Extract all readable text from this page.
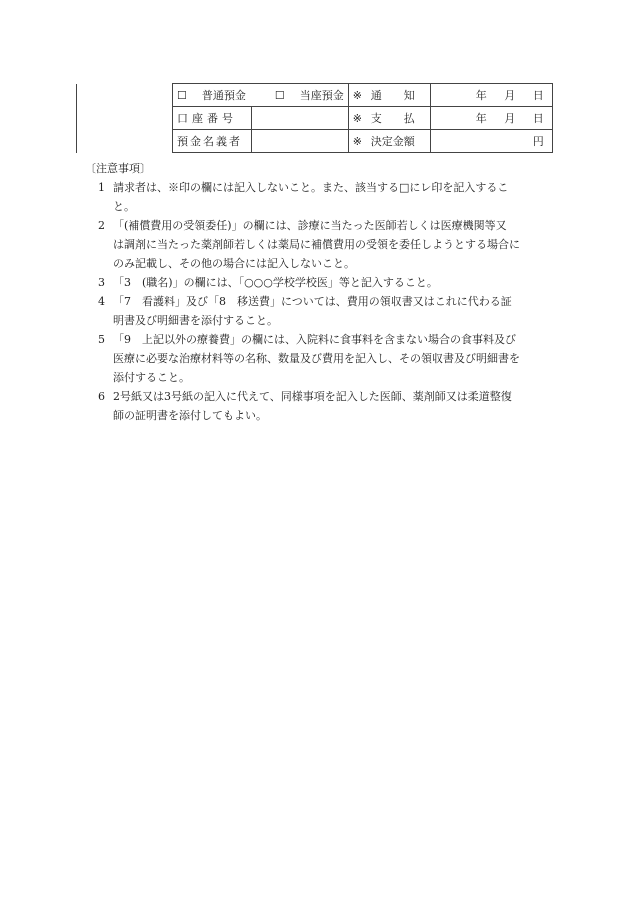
	☐ 普通預金 ☐ 当座預金		※ 通　　知	年 月 日
	口座番号		※ 支　　払	年 月 日
	預金名義者		※ 決定金額	円
〔注意事項〕
1 請求者は、※印の欄には記入しないこと。また、該当する□にレ印を記入するこ
と。
2 「(補償費用の受領委任)」の欄には、診療に当たった医師若しくは医療機関等又
は調剤に当たった薬剤師若しくは薬局に補償費用の受領を委任しようとする場合に
のみ記載し、その他の場合には記入しないこと。
3 「3　(職名)」の欄には、「○○○学校学校医」等と記入すること。
4 「7　看護料」及び「8　移送費」については、費用の領収書又はこれに代わる証
明書及び明細書を添付すること。
5 「9　上記以外の療養費」の欄には、入院料に食事料を含まない場合の食事料及び
医療に必要な治療材料等の名称、数量及び費用を記入し、その領収書及び明細書を
添付すること。
6 2号紙又は3号紙の記入に代えて、同様事項を記入した医師、薬剤師又は柔道整復
師の証明書を添付してもよい。
